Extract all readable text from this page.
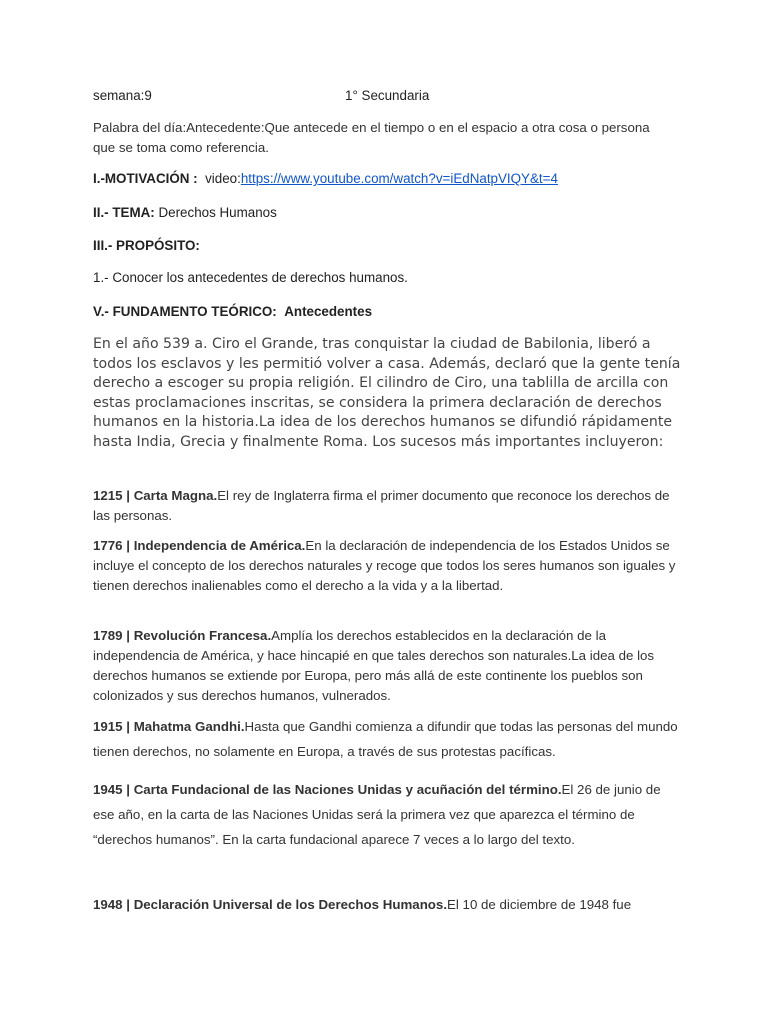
semana:9	1° Secundaria
Palabra del día:Antecedente:Que antecede en el tiempo o en el espacio a otra cosa o persona que se toma como referencia.
I.-MOTIVACIÓN : video:https://www.youtube.com/watch?v=iEdNatpVIQY&t=4
II.- TEMA: Derechos Humanos
III.- PROPÓSITO:
1.- Conocer los antecedentes de derechos humanos.
V.- FUNDAMENTO TEÓRICO: Antecedentes
En el año 539 a. Ciro el Grande, tras conquistar la ciudad de Babilonia, liberó a todos los esclavos y les permitió volver a casa. Además, declaró que la gente tenía derecho a escoger su propia religión. El cilindro de Ciro, una tablilla de arcilla con estas proclamaciones inscritas, se considera la primera declaración de derechos humanos en la historia.La idea de los derechos humanos se difundió rápidamente hasta India, Grecia y finalmente Roma. Los sucesos más importantes incluyeron:
1215 | Carta Magna.El rey de Inglaterra firma el primer documento que reconoce los derechos de las personas.
1776 | Independencia de América.En la declaración de independencia de los Estados Unidos se incluye el concepto de los derechos naturales y recoge que todos los seres humanos son iguales y tienen derechos inalienables como el derecho a la vida y a la libertad.
1789 | Revolución Francesa.Amplía los derechos establecidos en la declaración de la independencia de América, y hace hincapié en que tales derechos son naturales.La idea de los derechos humanos se extiende por Europa, pero más allá de este continente los pueblos son colonizados y sus derechos humanos, vulnerados.
1915 | Mahatma Gandhi.Hasta que Gandhi comienza a difundir que todas las personas del mundo tienen derechos, no solamente en Europa, a través de sus protestas pacíficas.
1945 | Carta Fundacional de las Naciones Unidas y acuñación del término.El 26 de junio de ese año, en la carta de las Naciones Unidas será la primera vez que aparezca el término de “derechos humanos”. En la carta fundacional aparece 7 veces a lo largo del texto.
1948 | Declaración Universal de los Derechos Humanos.El 10 de diciembre de 1948 fue
